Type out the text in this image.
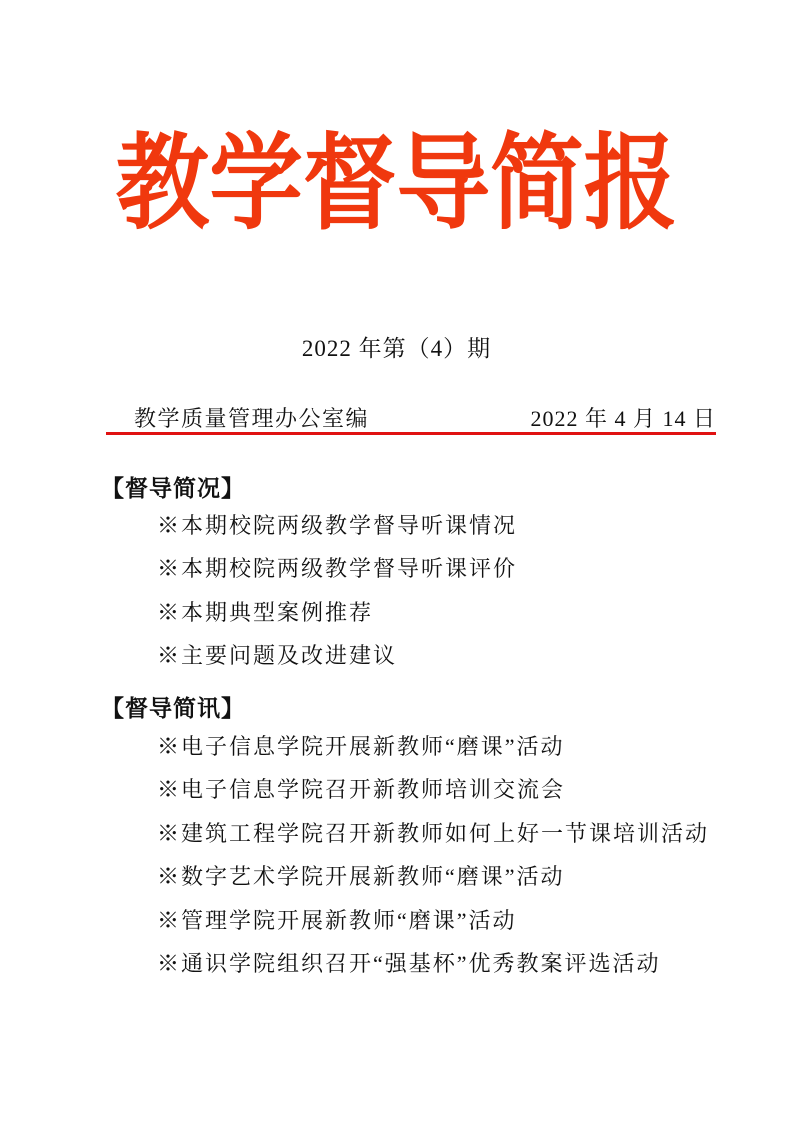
教学督导简报
2022 年第（4）期
教学质量管理办公室编	2022 年 4 月 14 日
【督导简况】
※本期校院两级教学督导听课情况
※本期校院两级教学督导听课评价
※本期典型案例推荐
※主要问题及改进建议
【督导简讯】
※电子信息学院开展新教师“磨课”活动
※电子信息学院召开新教师培训交流会
※建筑工程学院召开新教师如何上好一节课培训活动
※数字艺术学院开展新教师“磨课”活动
※管理学院开展新教师“磨课”活动
※通识学院组织召开“强基杯”优秀教案评选活动
